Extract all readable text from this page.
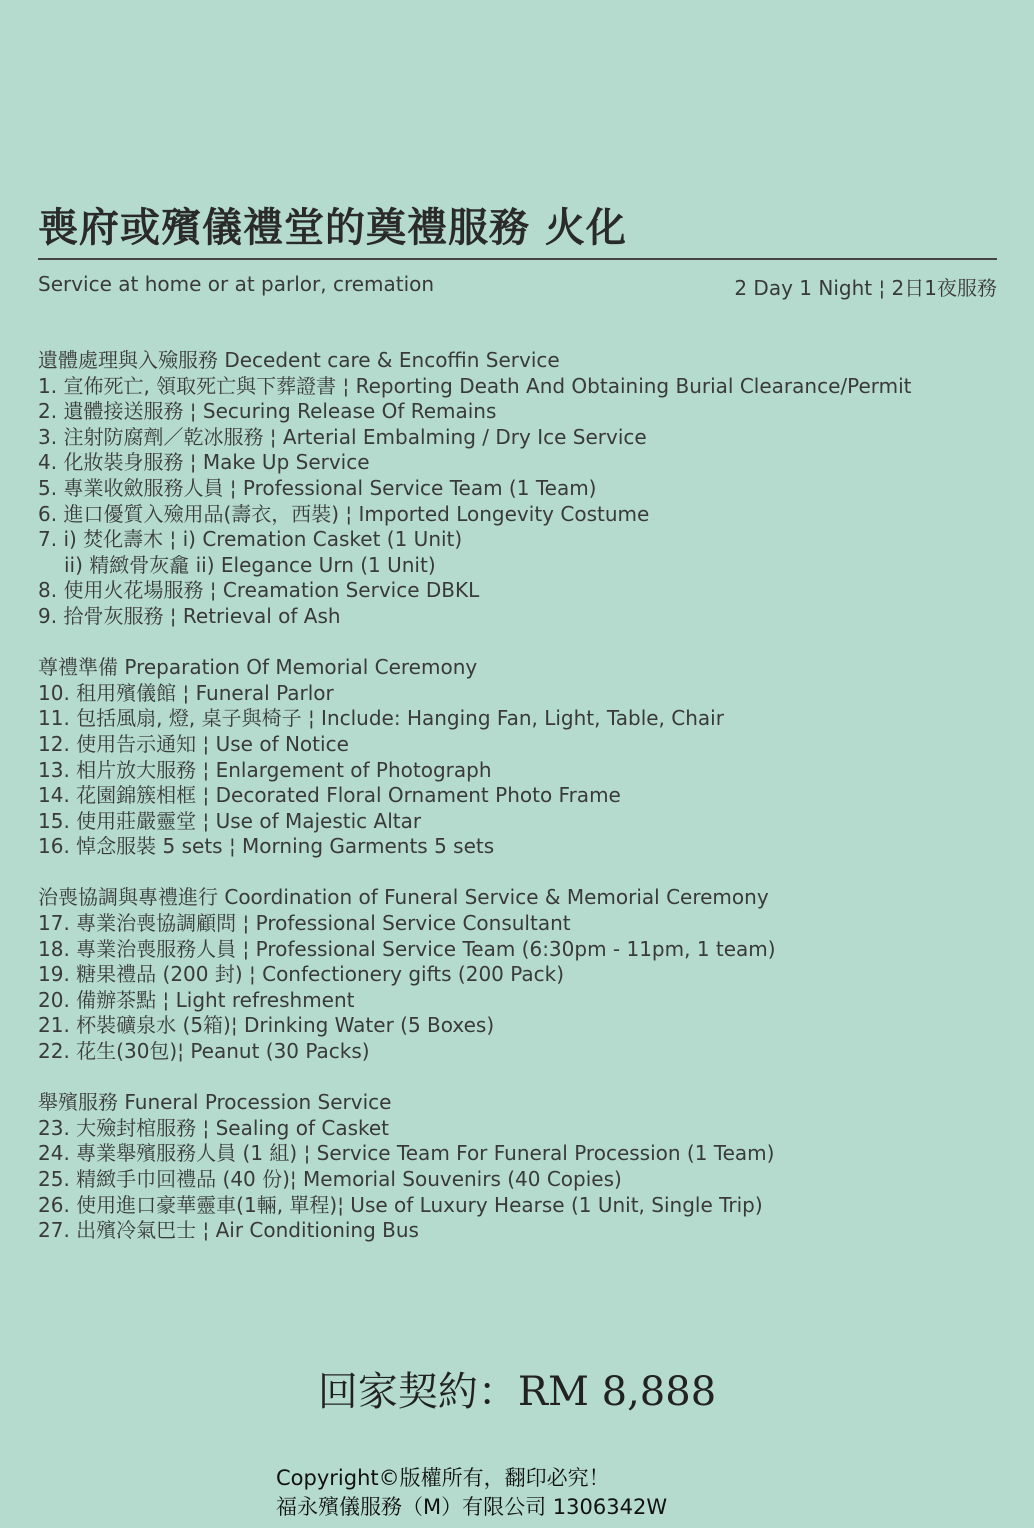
喪府或殯儀禮堂的奠禮服務 火化
Service at home or at parlor, cremation	2 Day 1 Night ¦ 2日1夜服務
遺體處理與入殮服務 Decedent care & Encoffin Service
1. 宣佈死亡, 領取死亡與下葬證書 ¦ Reporting Death And Obtaining Burial Clearance/Permit
2. 遺體接送服務 ¦ Securing Release Of Remains
3. 注射防腐劑／乾冰服務 ¦ Arterial Embalming / Dry Ice Service
4. 化妝裝身服務 ¦ Make Up Service
5. 專業收斂服務人員 ¦ Professional Service Team (1 Team)
6. 進口優質入殮用品(壽衣，西裝) ¦ Imported Longevity Costume
7. i) 焚化壽木 ¦ i) Cremation Casket (1 Unit)
ii) 精緻骨灰龕 ii) Elegance Urn (1 Unit)
8. 使用火花場服務 ¦ Creamation Service DBKL
9. 拾骨灰服務 ¦ Retrieval of Ash
尊禮準備 Preparation Of Memorial Ceremony
10. 租用殯儀館 ¦ Funeral Parlor
11. 包括風扇, 燈, 桌子與椅子 ¦ Include: Hanging Fan, Light, Table, Chair
12. 使用告示通知 ¦ Use of Notice
13. 相片放大服務 ¦ Enlargement of Photograph
14. 花園錦簇相框 ¦ Decorated Floral Ornament Photo Frame
15. 使用莊嚴靈堂 ¦ Use of Majestic Altar
16. 悼念服裝 5 sets ¦ Morning Garments 5 sets
治喪協調與專禮進行 Coordination of Funeral Service & Memorial Ceremony
17. 專業治喪協調顧問 ¦ Professional Service Consultant
18. 專業治喪服務人員 ¦ Professional Service Team (6:30pm - 11pm, 1 team)
19. 糖果禮品 (200 封) ¦ Confectionery gifts (200 Pack)
20. 備辦茶點 ¦ Light refreshment
21. 杯裝礦泉水 (5箱)¦ Drinking Water (5 Boxes)
22. 花生(30包)¦ Peanut (30 Packs)
舉殯服務 Funeral Procession Service
23. 大殮封棺服務 ¦ Sealing of Casket
24. 專業舉殯服務人員 (1 組) ¦ Service Team For Funeral Procession (1 Team)
25. 精緻手巾回禮品 (40 份)¦ Memorial Souvenirs (40 Copies)
26. 使用進口豪華靈車(1輛, 單程)¦ Use of Luxury Hearse (1 Unit, Single Trip)
27. 出殯冷氣巴士 ¦ Air Conditioning Bus
回家契約：RM 8,888
Copyright©版權所有，翻印必究！
福永殯儀服務（M）有限公司 1306342W
